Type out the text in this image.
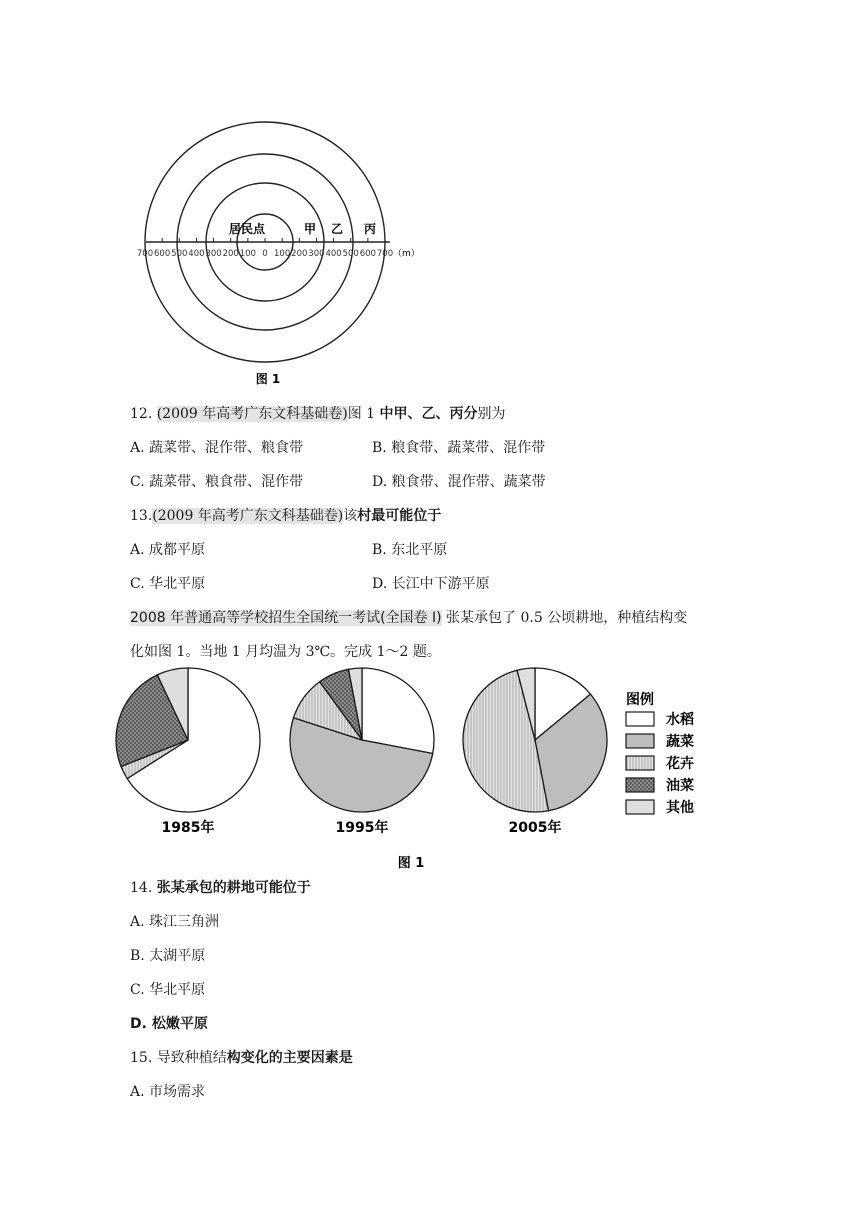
700 600 500 400 300 200 100 0 100 200 300 400 500 600 700
居民点	甲 乙 丙
（m）
图 1
12. (2009 年高考广东文科基础卷)图 1 中甲、乙、丙分别为
A. 蔬菜带、混作带、粮食带	B. 粮食带、蔬菜带、混作带
C. 蔬菜带、粮食带、混作带	D. 粮食带、混作带、蔬菜带
13.(2009 年高考广东文科基础卷)该村最可能位于
A. 成都平原	B. 东北平原
C. 华北平原	D. 长江中下游平原
2008 年普通高等学校招生全国统一考试(全国卷 I) 张某承包了 0.5 公顷耕地，种植结构变
化如图 1。当地 1 月均温为 3℃。完成 1～2 题。
1985年	1995年	2005年
图例
水稻
蔬菜
花卉
油菜
其他
图 1
14. 张某承包的耕地可能位于
A. 珠江三角洲
B. 太湖平原
C. 华北平原
D. 松嫩平原
15. 导致种植结构变化的主要因素是
A. 市场需求
